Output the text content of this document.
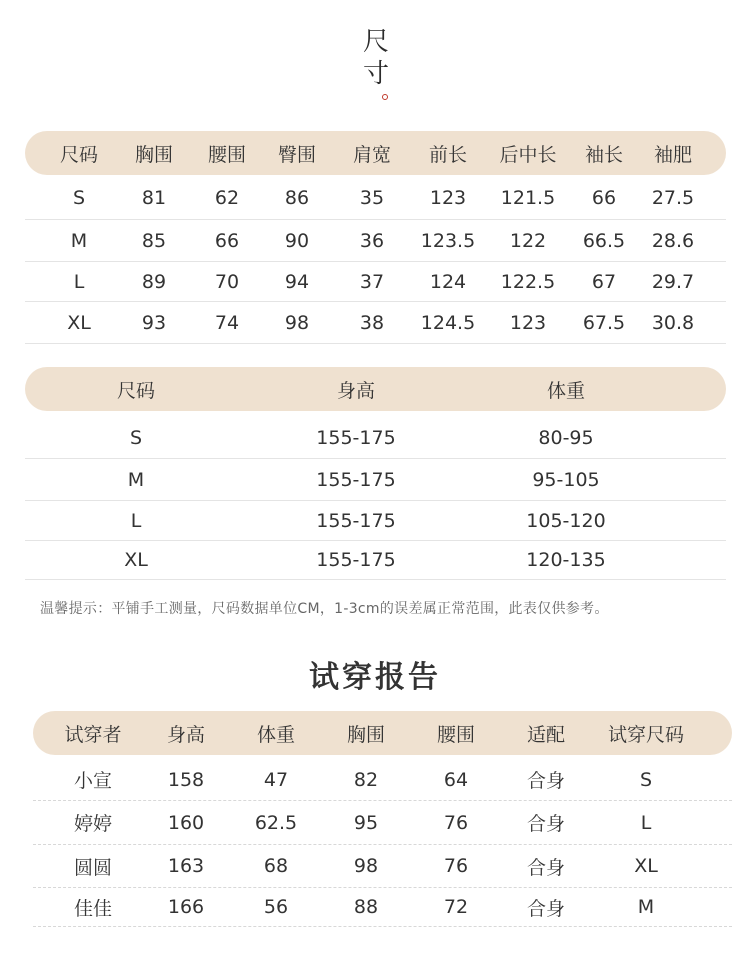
尺
寸
尺码	胸围	腰围	臀围	肩宽	前长	后中长	袖长	袖肥
S	81	62	86	35	123	121.5	66	27.5
M	85	66	90	36	123.5	122	66.5	28.6
L	89	70	94	37	124	122.5	67	29.7
XL	93	74	98	38	124.5	123	67.5	30.8
尺码	身高	体重
S	155-175	80-95
M	155-175	95-105
L	155-175	105-120
XL	155-175	120-135
温馨提示：平铺手工测量，尺码数据单位CM，1-3cm的误差属正常范围，此表仅供参考。
试穿报告
试穿者	身高	体重	胸围	腰围	适配	试穿尺码
小宣	158	47	82	64	合身	S
婷婷	160	62.5	95	76	合身	L
圆圆	163	68	98	76	合身	XL
佳佳	166	56	88	72	合身	M
